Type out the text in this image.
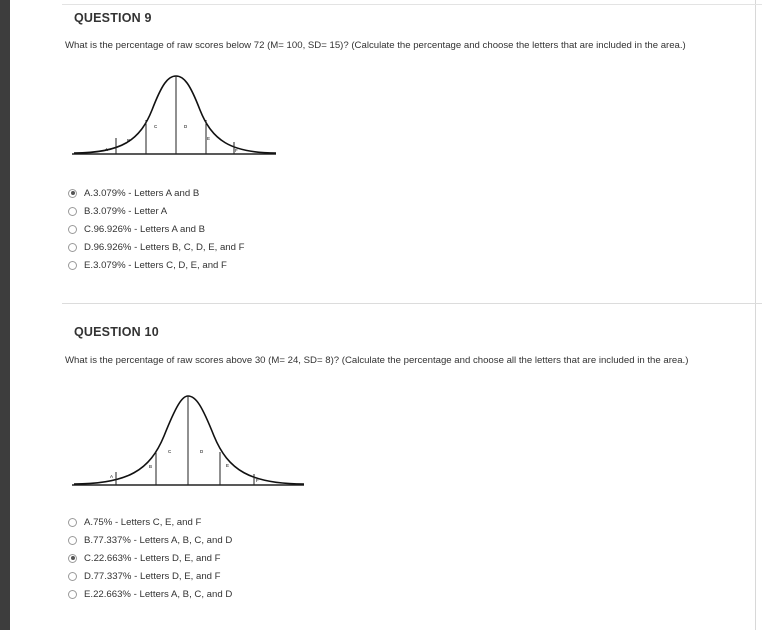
QUESTION 9
What is the percentage of raw scores below 72 (M= 100, SD= 15)? (Calculate the percentage and choose the letters that are included in the area.)
A
B
C	D
E
F
A. 3.079% - Letters A and B
B. 3.079% - Letter A
C. 96.926% - Letters A and B
D. 96.926% - Letters B, C, D, E, and F
E. 3.079% - Letters C, D, E, and F
QUESTION 10
What is the percentage of raw scores above 30 (M= 24, SD= 8)? (Calculate the percentage and choose all the letters that are included in the area.)
A
B
C	D
E
F
A. 75% - Letters C, E, and F
B. 77.337% - Letters A, B, C, and D
C. 22.663% - Letters D, E, and F
D. 77.337% - Letters D, E, and F
E. 22.663% - Letters A, B, C, and D
